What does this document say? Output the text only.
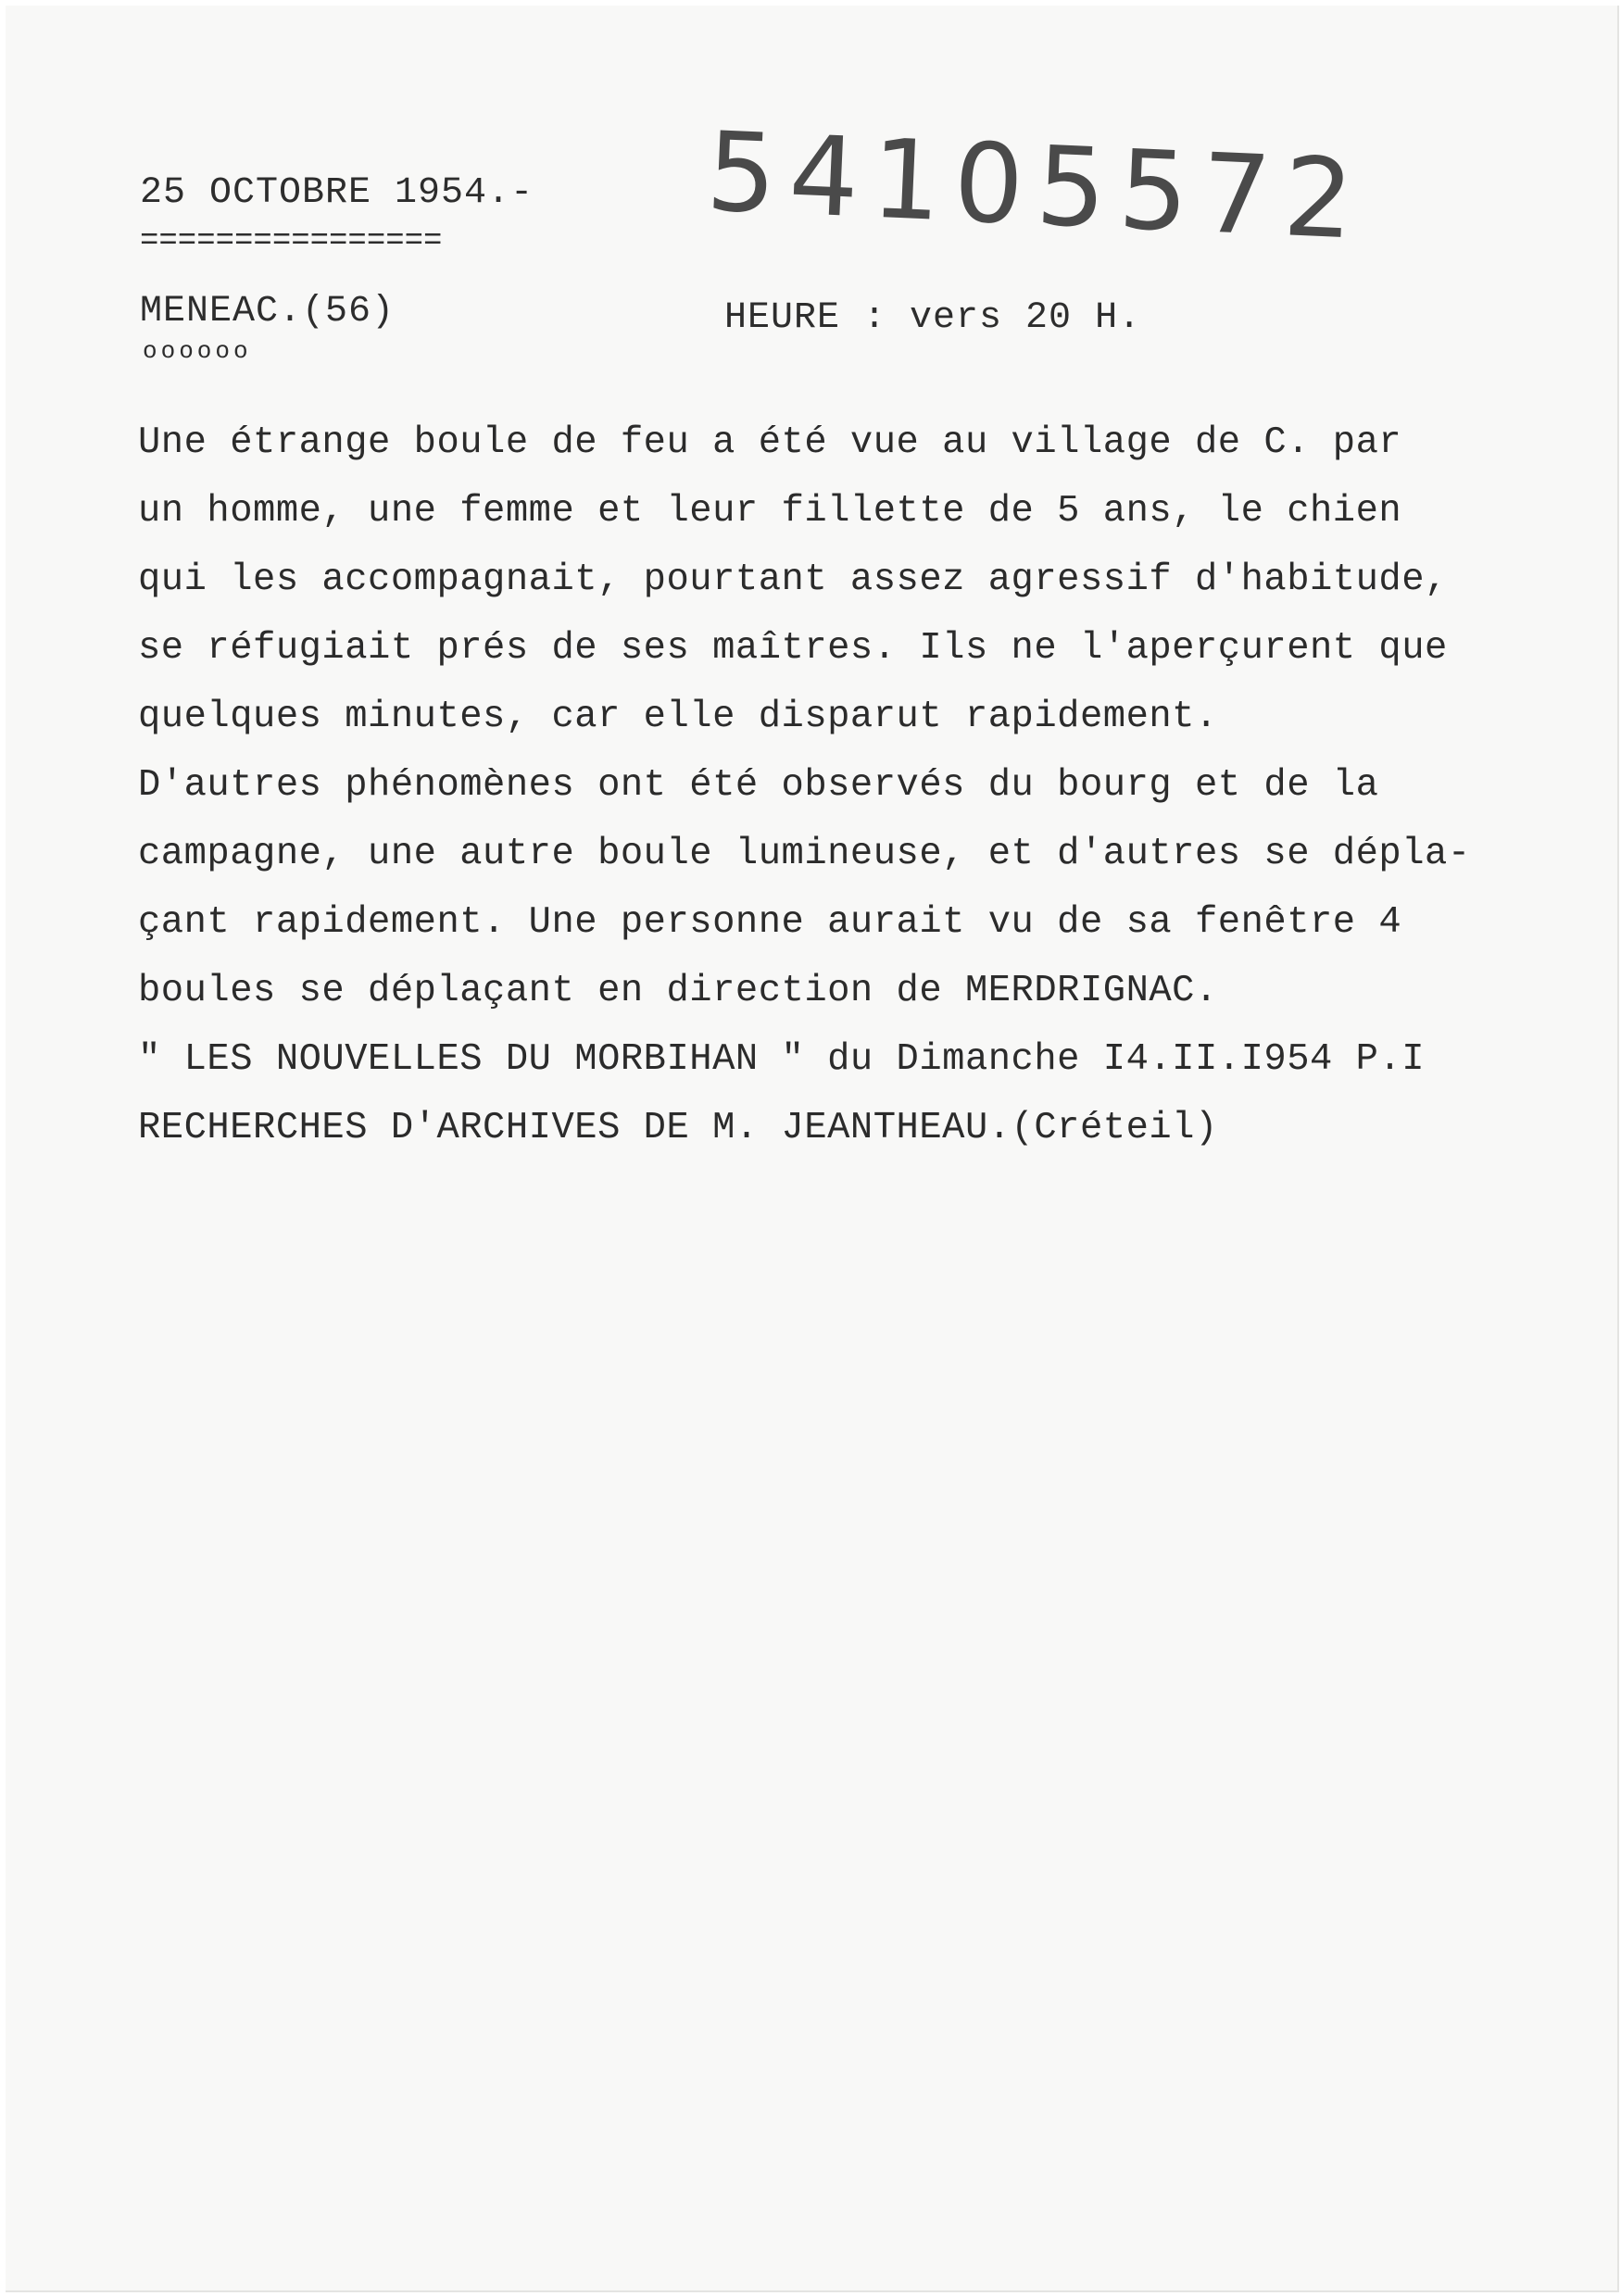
25 OCTOBRE 1954.-
================ 54105572
MENEAC.(56)
oooooo
HEURE : vers 20 H.
Une étrange boule de feu a été vue au village de C. par
un homme, une femme et leur fillette de 5 ans, le chien
qui les accompagnait, pourtant assez agressif d'habitude,
se réfugiait prés de ses maîtres. Ils ne l'aperçurent que
quelques minutes, car elle disparut rapidement.
D'autres phénomènes ont été observés du bourg et de la
campagne, une autre boule lumineuse, et d'autres se dépla-
çant rapidement. Une personne aurait vu de sa fenêtre 4
boules se déplaçant en direction de MERDRIGNAC.
" LES NOUVELLES DU MORBIHAN " du Dimanche I4.II.I954 P.I
RECHERCHES D'ARCHIVES DE M. JEANTHEAU.(Créteil)
